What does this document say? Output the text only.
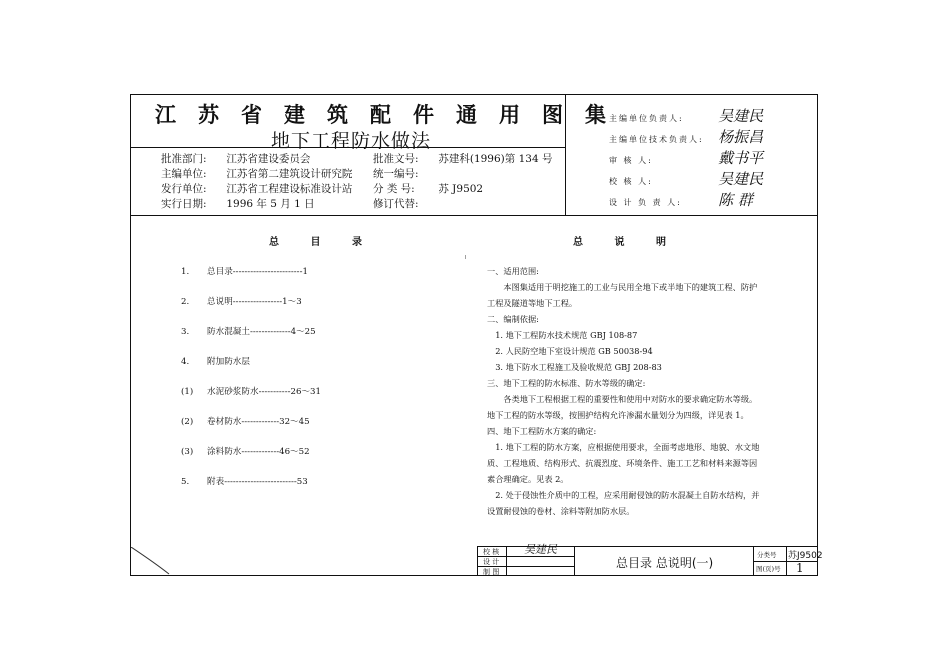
江苏省建筑配件通用图集
地下工程防水做法
批准部门: 江苏省建设委员会
主编单位: 江苏省第二建筑设计研究院
发行单位: 江苏省工程建设标准设计站
实行日期: 1996 年 5 月 1 日
批准文号: 苏建科(1996)第 134 号
统一编号:
分 类 号: 苏 J9502
修订代替:
主编单位负责人: 吴建民
主编单位技术负责人: 杨振昌
审 核 人:	戴书平
校 核 人:	吴建民
设 计 负 责 人: 陈 群
总 目 录
1. 总目录------------------------1
2. 总说明-----------------1～3
3. 防水混凝土--------------4～25
4. 附加防水层
(1) 水泥砂浆防水-----------26～31
(2) 卷材防水-------------32～45
(3) 涂料防水-------------46～52
5. 附表-------------------------53
总 说 明
一、适用范围:
　　本图集适用于明挖施工的工业与民用全地下或半地下的建筑工程、防护
工程及隧道等地下工程。
二、编制依据:
　1. 地下工程防水技术规范 GBJ 108-87
　2. 人民防空地下室设计规范 GB 50038-94
　3. 地下防水工程施工及验收规范 GBJ 208-83
三、地下工程的防水标准、防水等级的确定:
　　各类地下工程根据工程的重要性和使用中对防水的要求确定防水等级。
地下工程的防水等级，按围护结构允许渗漏水量划分为四级，详见表 1。
四、地下工程防水方案的确定:
　1. 地下工程的防水方案，应根据使用要求，全面考虑地形、地貌、水文地
质、工程地质、结构形式、抗震烈度、环境条件、施工工艺和材料来源等因
素合理确定。见表 2。
　2. 处于侵蚀性介质中的工程，应采用耐侵蚀的防水混凝土自防水结构，并
设置耐侵蚀的卷材、涂料等附加防水层。
校 核
设 计
制 图
吴建民
总目录 总说明(一)
分类号 苏J9502
图(页)号 1
